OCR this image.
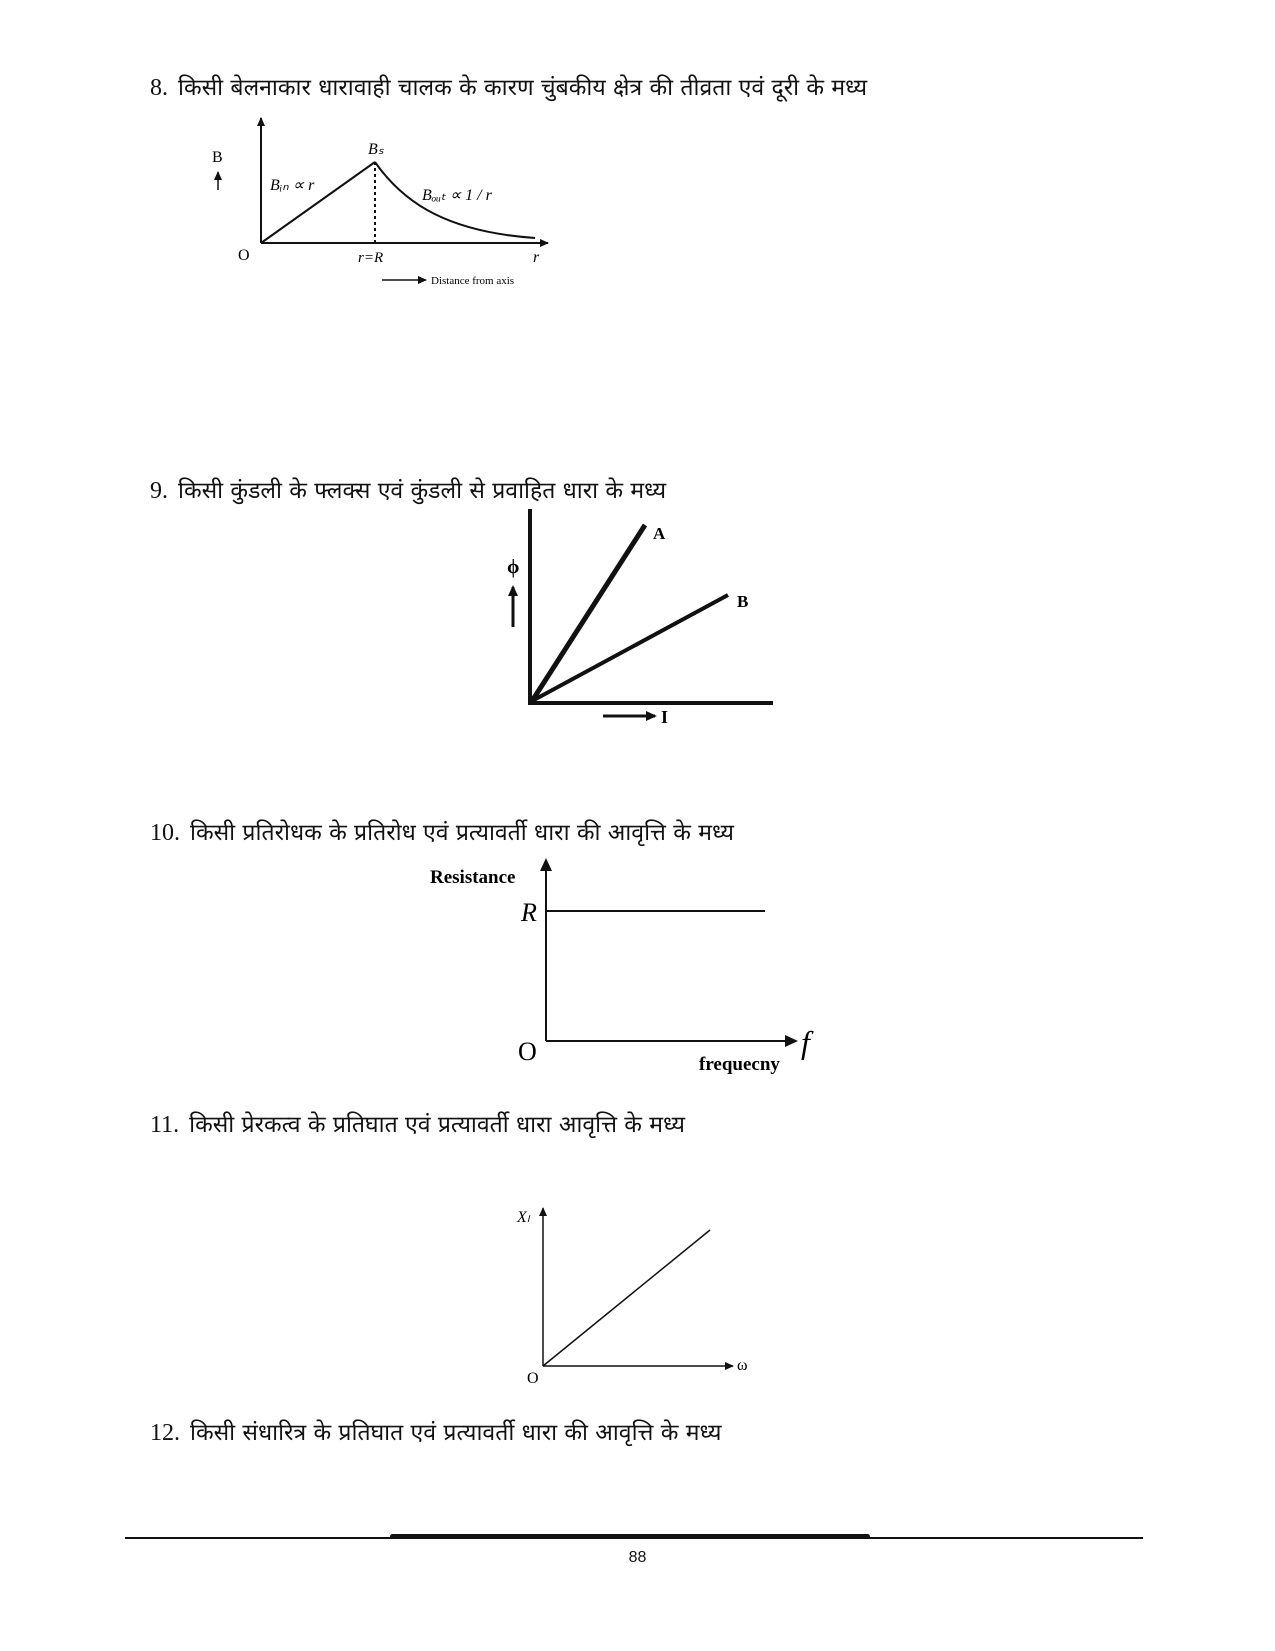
8. किसी बेलनाकार धारावाही चालक के कारण चुंबकीय क्षेत्र की तीव्रता एवं दूरी के मध्य
B
O
Bₛ
Bᵢₙ ∝ r
Bₒᵤₜ ∝ 1 / r
r=R	r
Distance from axis
9. किसी कुंडली के फ्लक्स एवं कुंडली से प्रवाहित धारा के मध्य
A
B
ϕ
I
10. किसी प्रतिरोधक के प्रतिरोध एवं प्रत्यावर्ती धारा की आवृत्ति के मध्य
Resistance
R
O	frequecny
f
11. किसी प्रेरकत्व के प्रतिघात एवं प्रत्यावर्ती धारा आवृत्ति के मध्य
Xₗ
O
ω
12. किसी संधारित्र के प्रतिघात एवं प्रत्यावर्ती धारा की आवृत्ति के मध्य
88
